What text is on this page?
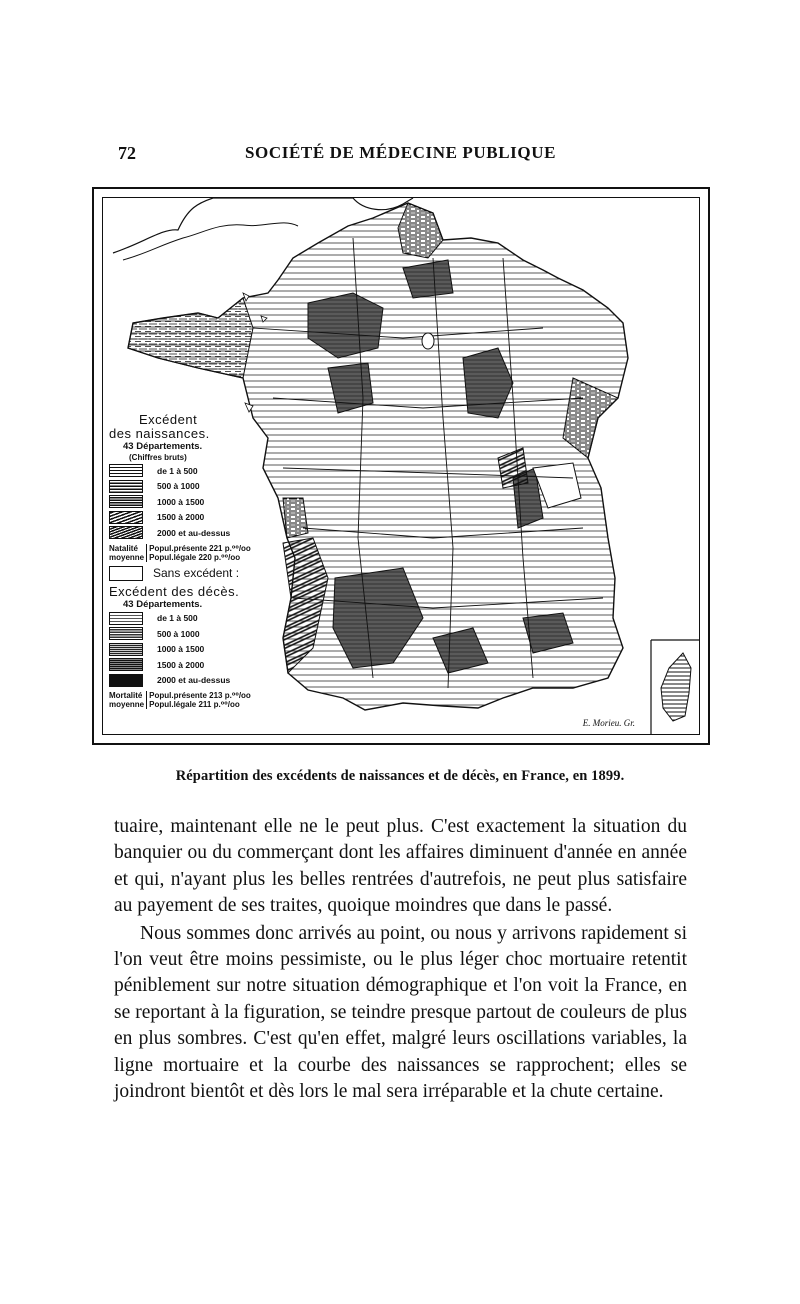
72	SOCIÉTÉ DE MÉDECINE PUBLIQUE
Excédent
des naissances.
43 Départements.
(Chiffres bruts)
de 1 à 500
500 à 1000
1000 à 1500
1500 à 2000
2000 et au-dessus
Natalité
moyenne
Popul.présente 221 p.⁰⁰/oo
Popul.légale 220 p.⁰⁰/oo
Sans excédent :
Excédent des décès.
43 Départements.
de 1 à 500
500 à 1000
1000 à 1500
1500 à 2000
2000 et au-dessus
Mortalité
moyenne
Popul.présente 213 p.⁰⁰/oo
Popul.légale 211 p.⁰⁰/oo
E. Morieu. Gr.
Répartition des excédents de naissances et de décès, en France, en 1899.

tuaire, maintenant elle ne le peut plus. C'est exactement la situation du banquier ou du commerçant dont les affaires diminuent d'année en année et qui, n'ayant plus les belles rentrées d'autrefois, ne peut plus satisfaire au payement de ses traites, quoique moindres que dans le passé.

Nous sommes donc arrivés au point, ou nous y arrivons rapidement si l'on veut être moins pessimiste, ou le plus léger choc mortuaire retentit péniblement sur notre situation démographique et l'on voit la France, en se reportant à la figuration, se teindre presque partout de couleurs de plus en plus sombres. C'est qu'en effet, malgré leurs oscillations variables, la ligne mortuaire et la courbe des naissances se rapprochent; elles se joindront bientôt et dès lors le mal sera irréparable et la chute certaine.
